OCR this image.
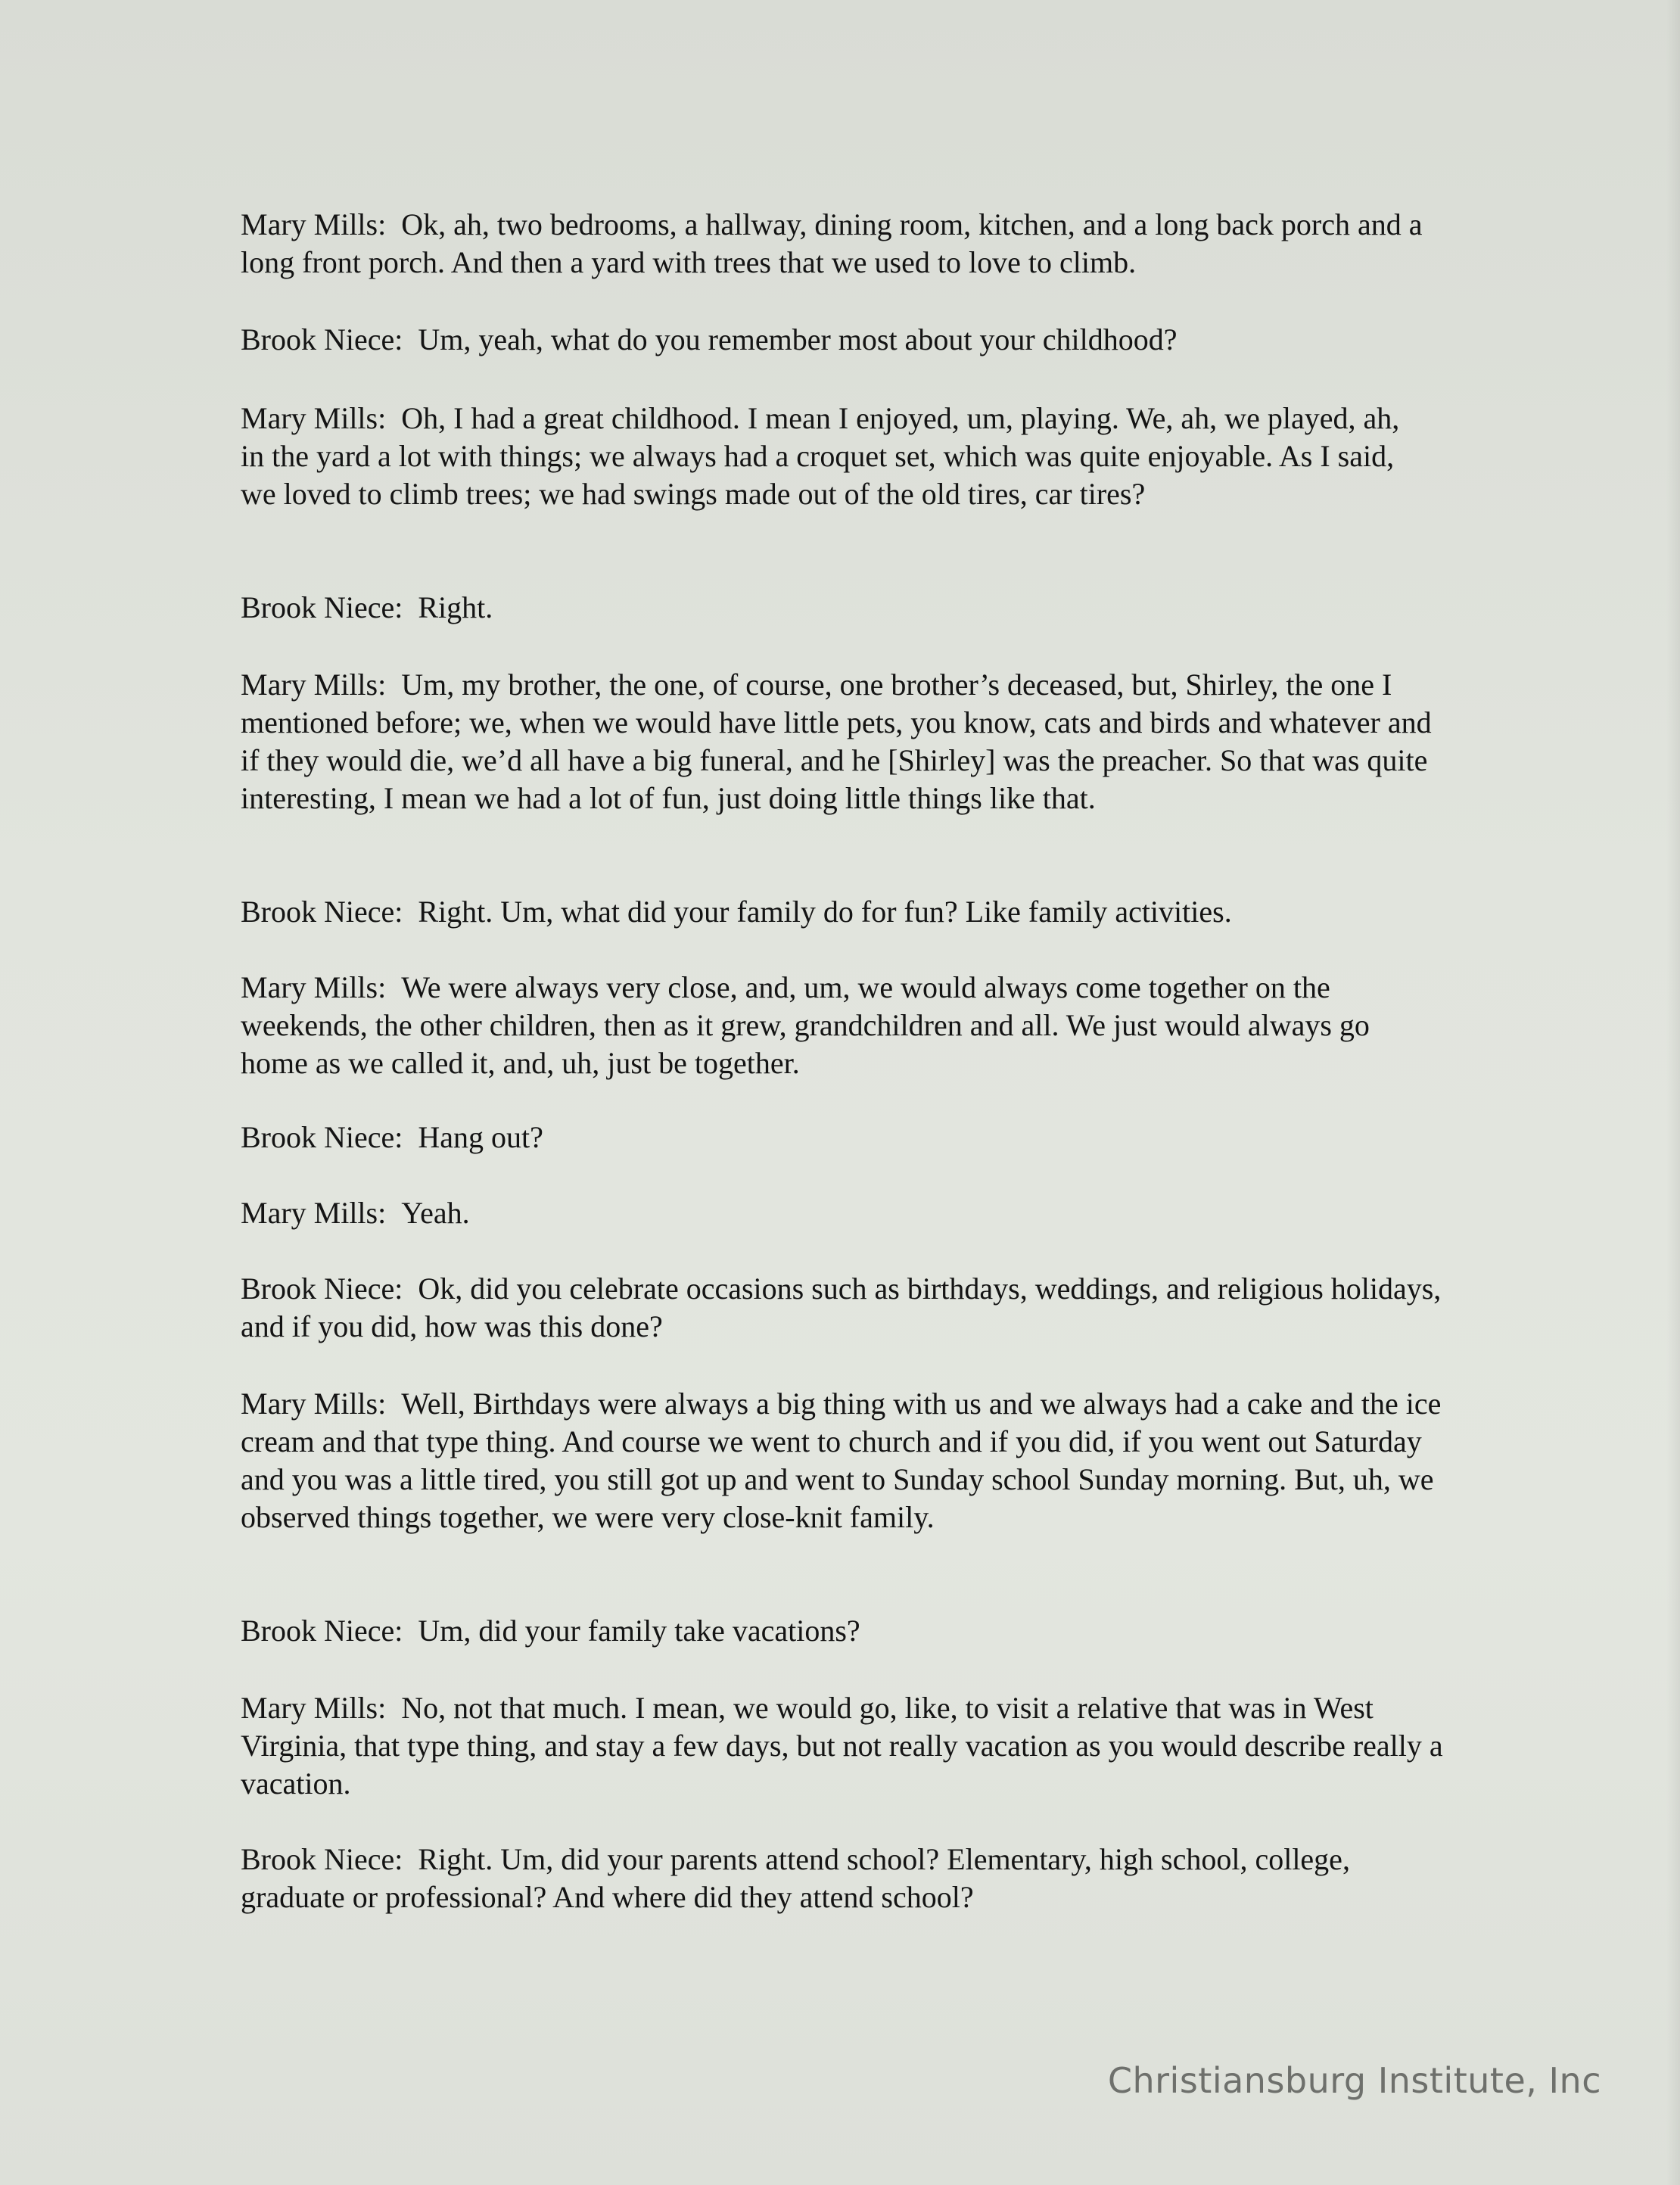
Mary Mills: Ok, ah, two bedrooms, a hallway, dining room, kitchen, and a long back porch and a long front porch. And then a yard with trees that we used to love to climb.

Brook Niece: Um, yeah, what do you remember most about your childhood?

Mary Mills: Oh, I had a great childhood. I mean I enjoyed, um, playing. We, ah, we played, ah, in the yard a lot with things; we always had a croquet set, which was quite enjoyable. As I said, we loved to climb trees; we had swings made out of the old tires, car tires?

Brook Niece: Right.

Mary Mills: Um, my brother, the one, of course, one brother’s deceased, but, Shirley, the one I mentioned before; we, when we would have little pets, you know, cats and birds and whatever and if they would die, we’d all have a big funeral, and he [Shirley] was the preacher. So that was quite interesting, I mean we had a lot of fun, just doing little things like that.

Brook Niece: Right. Um, what did your family do for fun? Like family activities.

Mary Mills: We were always very close, and, um, we would always come together on the weekends, the other children, then as it grew, grandchildren and all. We just would always go home as we called it, and, uh, just be together.

Brook Niece: Hang out?

Mary Mills: Yeah.

Brook Niece: Ok, did you celebrate occasions such as birthdays, weddings, and religious holidays, and if you did, how was this done?

Mary Mills: Well, Birthdays were always a big thing with us and we always had a cake and the ice cream and that type thing. And course we went to church and if you did, if you went out Saturday and you was a little tired, you still got up and went to Sunday school Sunday morning. But, uh, we observed things together, we were very close-knit family.

Brook Niece: Um, did your family take vacations?

Mary Mills: No, not that much. I mean, we would go, like, to visit a relative that was in West Virginia, that type thing, and stay a few days, but not really vacation as you would describe really a vacation.

Brook Niece: Right. Um, did your parents attend school? Elementary, high school, college, graduate or professional? And where did they attend school?

Christiansburg Institute, Inc
